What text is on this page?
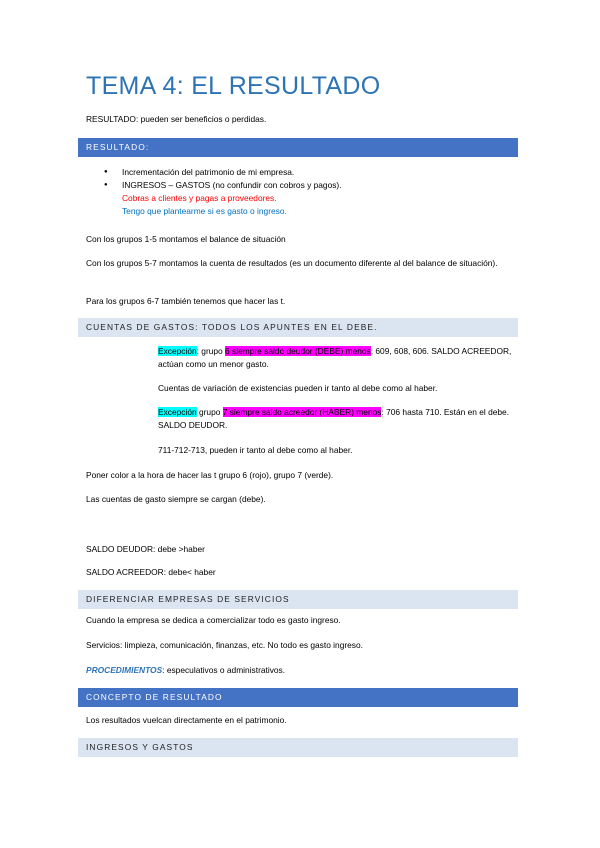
TEMA 4: EL RESULTADO
RESULTADO: pueden ser beneficios o perdidas.
RESULTADO:
● Incrementación del patrimonio de mi empresa.
● INGRESOS – GASTOS (no confundir con cobros y pagos).
Cobras a clientes y pagas a proveedores.
Tengo que plantearme si es gasto o ingreso.
Con los grupos 1-5 montamos el balance de situación
Con los grupos 5-7 montamos la cuenta de resultados (es un documento diferente al del balance de situación).
Para los grupos 6-7 también tenemos que hacer las t.
CUENTAS DE GASTOS: TODOS LOS APUNTES EN EL DEBE.
Excepción: grupo 6 siempre saldo deudor (DEBE) menos: 609, 608, 606. SALDO ACREEDOR, actúan como un menor gasto.
Cuentas de variación de existencias pueden ir tanto al debe como al haber.
Excepción grupo 7 siempre saldo acreedor (HABER) menos: 706 hasta 710. Están en el debe. SALDO DEUDOR.
711-712-713, pueden ir tanto al debe como al haber.
Poner color a la hora de hacer las t grupo 6 (rojo), grupo 7 (verde).
Las cuentas de gasto siempre se cargan (debe).
SALDO DEUDOR: debe >haber
SALDO ACREEDOR: debe< haber
DIFERENCIAR EMPRESAS DE SERVICIOS
Cuando la empresa se dedica a comercializar todo es gasto ingreso.
Servicios: limpieza, comunicación, finanzas, etc. No todo es gasto ingreso.
PROCEDIMIENTOS: especulativos o administrativos.
CONCEPTO DE RESULTADO
Los resultados vuelcan directamente en el patrimonio.
INGRESOS Y GASTOS
